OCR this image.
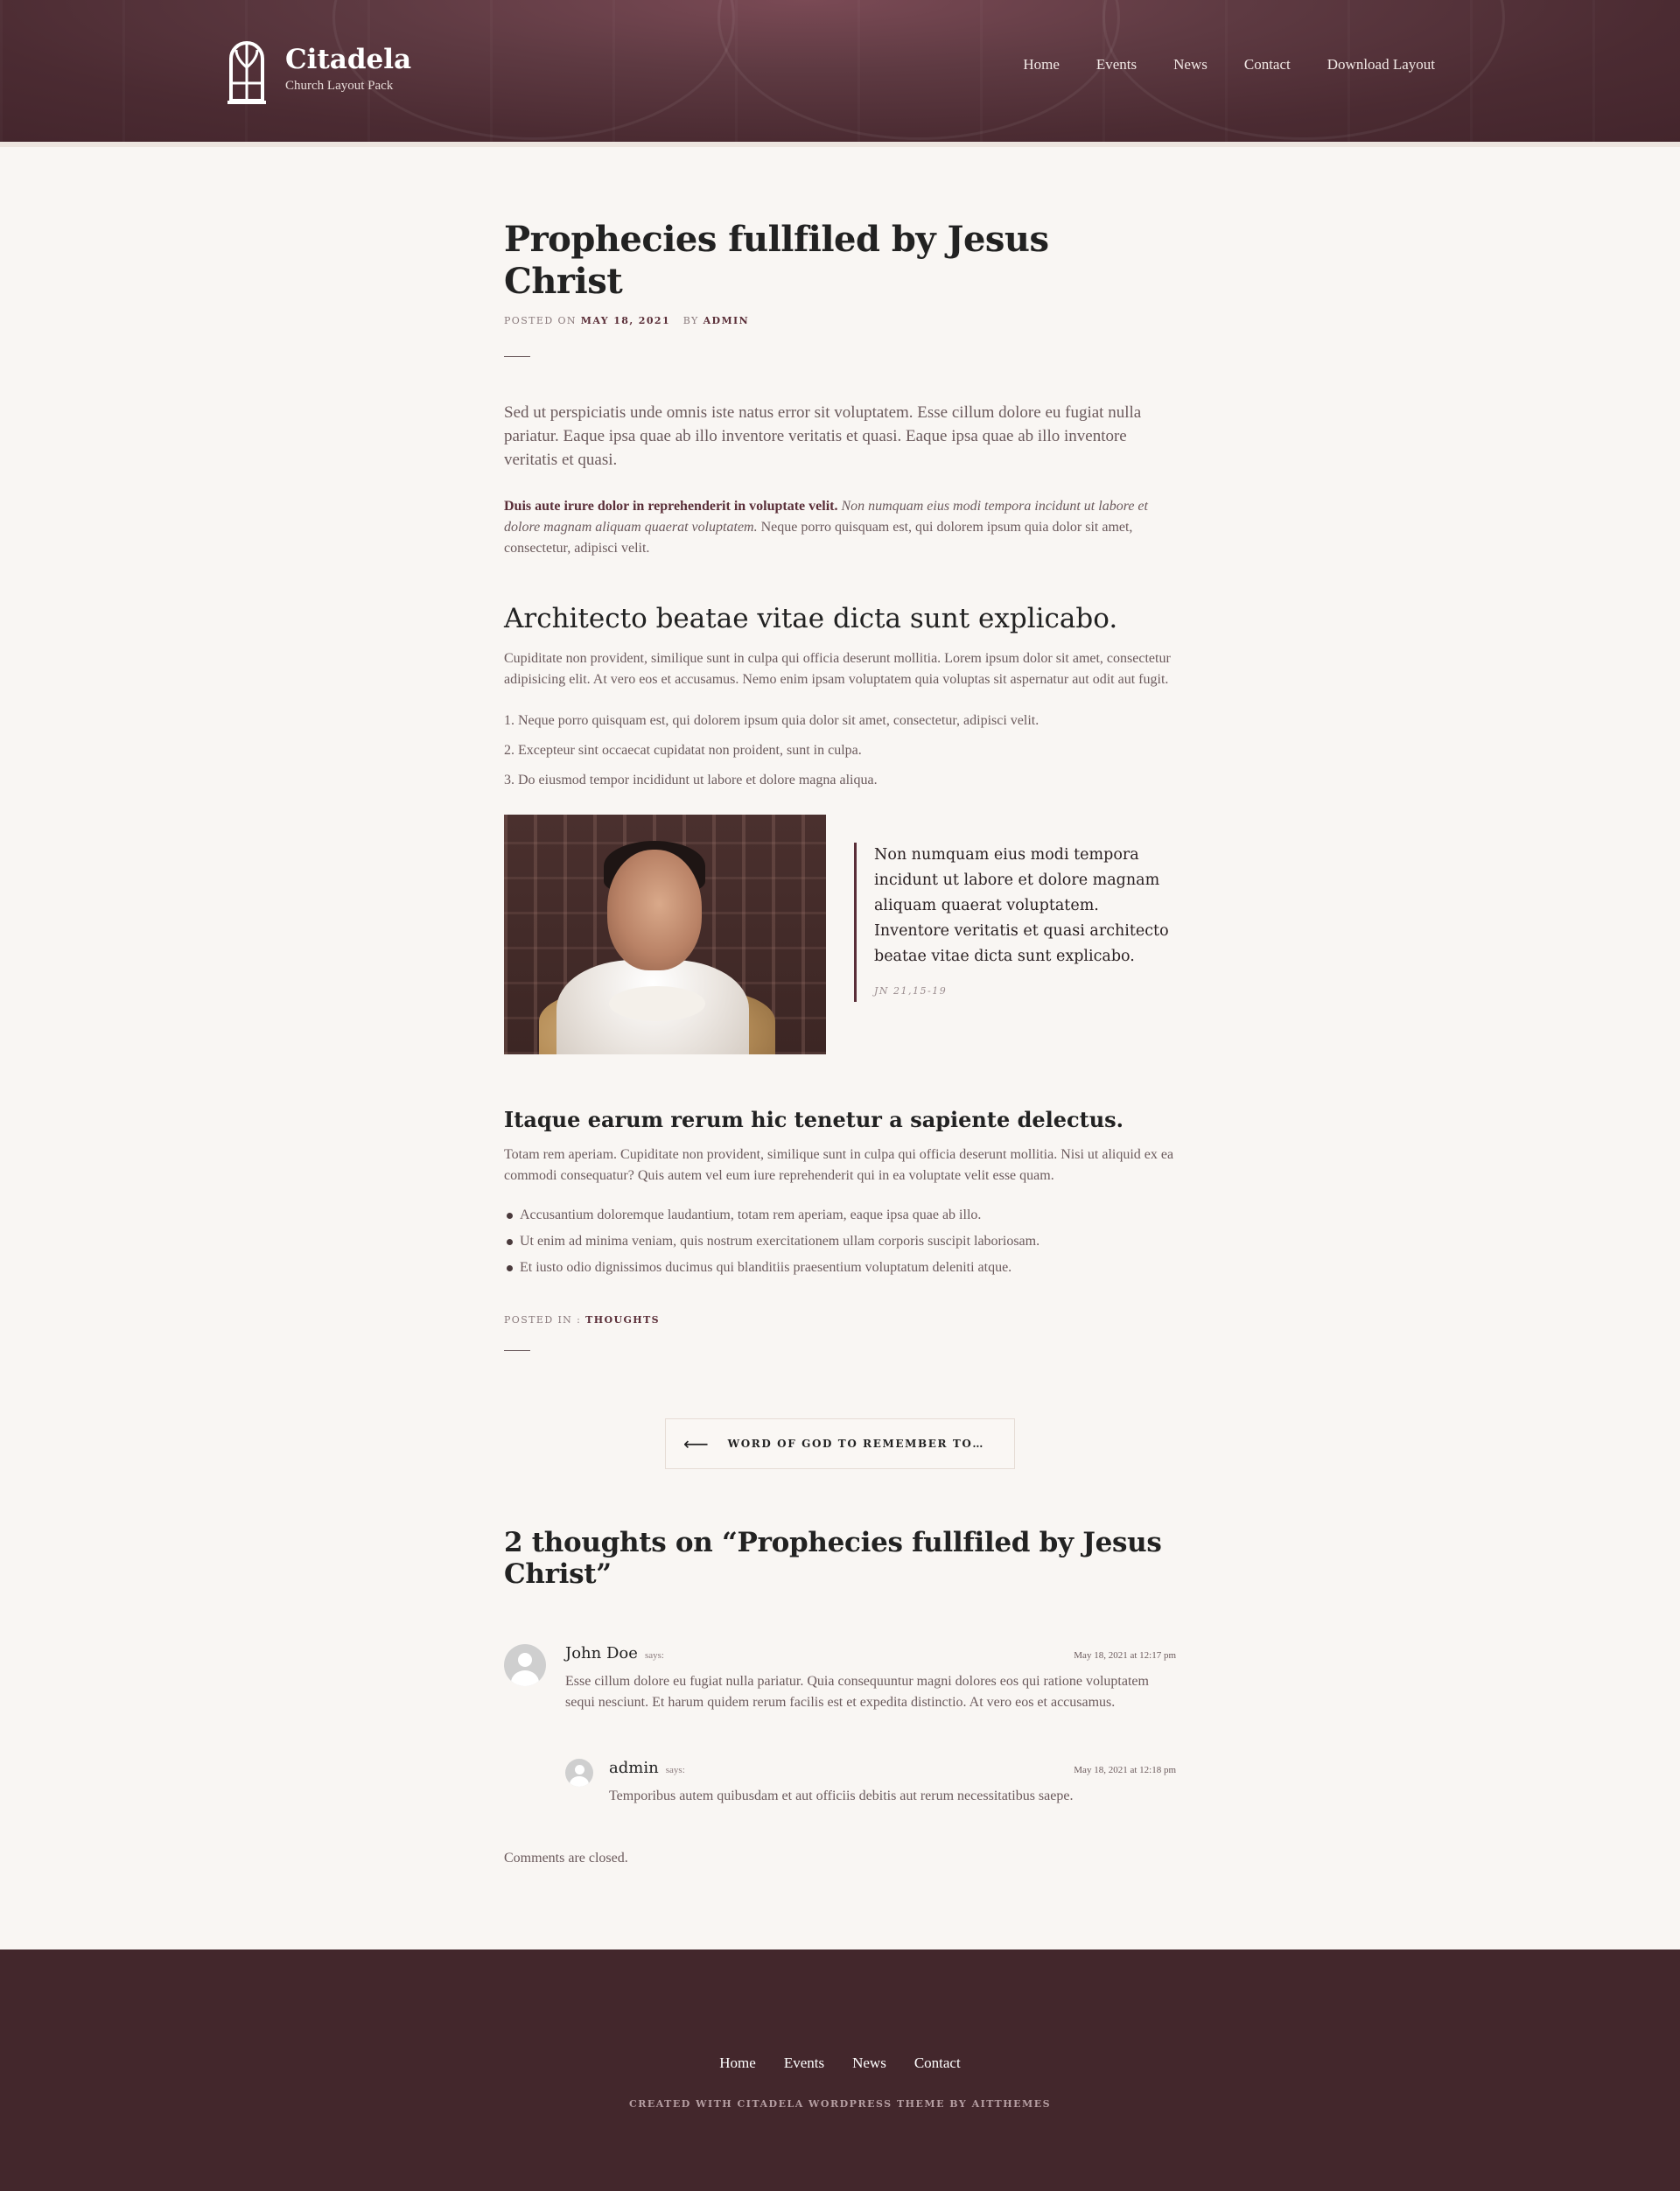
Citadela
Church Layout Pack
Home Events News Contact Download Layout
Prophecies fullfiled by Jesus Christ
POSTED ON MAY 18, 2021 BY ADMIN

Sed ut perspiciatis unde omnis iste natus error sit voluptatem. Esse cillum dolore eu fugiat nulla pariatur. Eaque ipsa quae ab illo inventore veritatis et quasi. Eaque ipsa quae ab illo inventore veritatis et quasi.

Duis aute irure dolor in reprehenderit in voluptate velit. Non numquam eius modi tempora incidunt ut labore et dolore magnam aliquam quaerat voluptatem. Neque porro quisquam est, qui dolorem ipsum quia dolor sit amet, consectetur, adipisci velit.

Architecto beatae vitae dicta sunt explicabo.

Cupiditate non provident, similique sunt in culpa qui officia deserunt mollitia. Lorem ipsum dolor sit amet, consectetur adipisicing elit. At vero eos et accusamus. Nemo enim ipsam voluptatem quia voluptas sit aspernatur aut odit aut fugit.

1. Neque porro quisquam est, qui dolorem ipsum quia dolor sit amet, consectetur, adipisci velit.
2. Excepteur sint occaecat cupidatat non proident, sunt in culpa.
3. Do eiusmod tempor incididunt ut labore et dolore magna aliqua.

Non numquam eius modi tempora incidunt ut labore et dolore magnam aliquam quaerat voluptatem. Inventore veritatis et quasi architecto beatae vitae dicta sunt explicabo.

JN 21,15-19
Itaque earum rerum hic tenetur a sapiente delectus.

Totam rem aperiam. Cupiditate non provident, similique sunt in culpa qui officia deserunt mollitia. Nisi ut aliquid ex ea commodi consequatur? Quis autem vel eum iure reprehenderit qui in ea voluptate velit esse quam.

Accusantium doloremque laudantium, totam rem aperiam, eaque ipsa quae ab illo.
Ut enim ad minima veniam, quis nostrum exercitationem ullam corporis suscipit laboriosam.
Et iusto odio dignissimos ducimus qui blanditiis praesentium voluptatum deleniti atque.
POSTED IN : THOUGHTS
⟵ WORD OF GOD TO REMEMBER TO…
2 thoughts on “Prophecies fullfiled by Jesus Christ”
John Doe says:	May 18, 2021 at 12:17 pm

Esse cillum dolore eu fugiat nulla pariatur. Quia consequuntur magni dolores eos qui ratione voluptatem sequi nesciunt. Et harum quidem rerum facilis est et expedita distinctio. At vero eos et accusamus.

admin says:	May 18, 2021 at 12:18 pm

Temporibus autem quibusdam et aut officiis debitis aut rerum necessitatibus saepe.

Comments are closed.

Home Events News Contact
CREATED WITH CITADELA WORDPRESS THEME BY AITTHEMES
